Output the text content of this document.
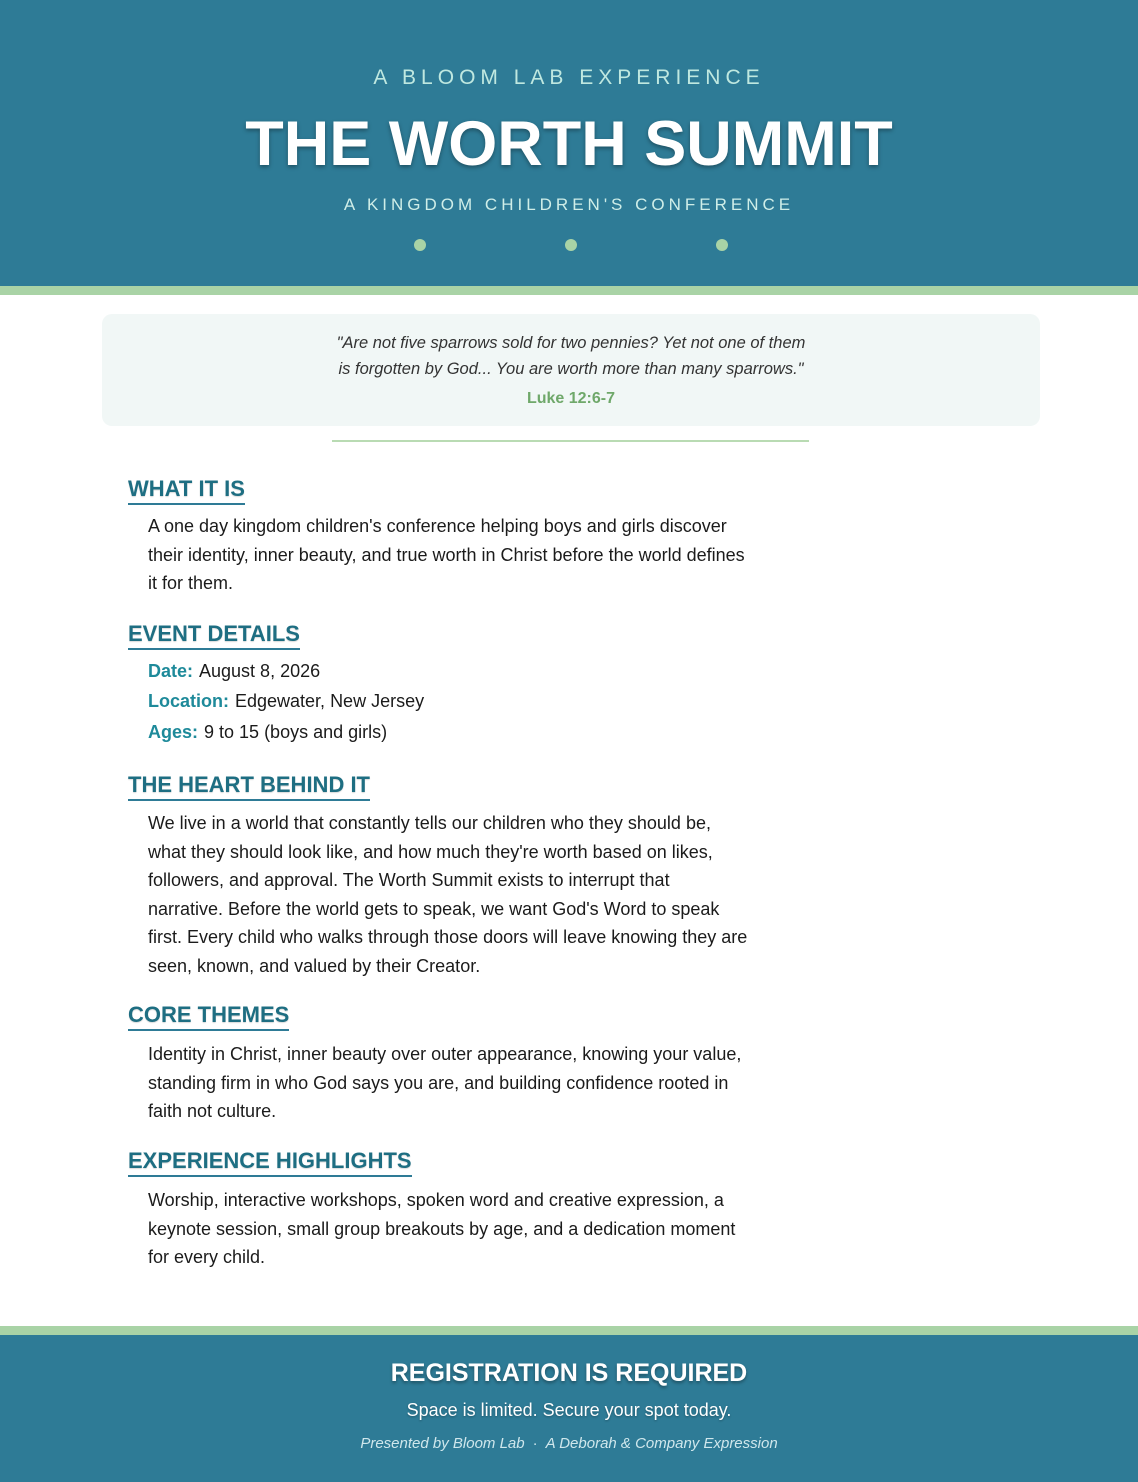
A BLOOM LAB EXPERIENCE
THE WORTH SUMMIT
A KINGDOM CHILDREN'S CONFERENCE
"Are not five sparrows sold for two pennies? Yet not one of them
is forgotten by God... You are worth more than many sparrows."
Luke 12:6-7
WHAT IT IS
A one day kingdom children's conference helping boys and girls discover their identity, inner beauty, and true worth in Christ before the world defines it for them.
EVENT DETAILS
Date: August 8, 2026
Location: Edgewater, New Jersey
Ages: 9 to 15 (boys and girls)
THE HEART BEHIND IT
We live in a world that constantly tells our children who they should be, what they should look like, and how much they're worth based on likes, followers, and approval. The Worth Summit exists to interrupt that narrative. Before the world gets to speak, we want God's Word to speak first. Every child who walks through those doors will leave knowing they are seen, known, and valued by their Creator.
CORE THEMES
Identity in Christ, inner beauty over outer appearance, knowing your value, standing firm in who God says you are, and building confidence rooted in faith not culture.
EXPERIENCE HIGHLIGHTS
Worship, interactive workshops, spoken word and creative expression, a keynote session, small group breakouts by age, and a dedication moment for every child.
REGISTRATION IS REQUIRED
Space is limited. Secure your spot today.
Presented by Bloom Lab · A Deborah & Company Expression
